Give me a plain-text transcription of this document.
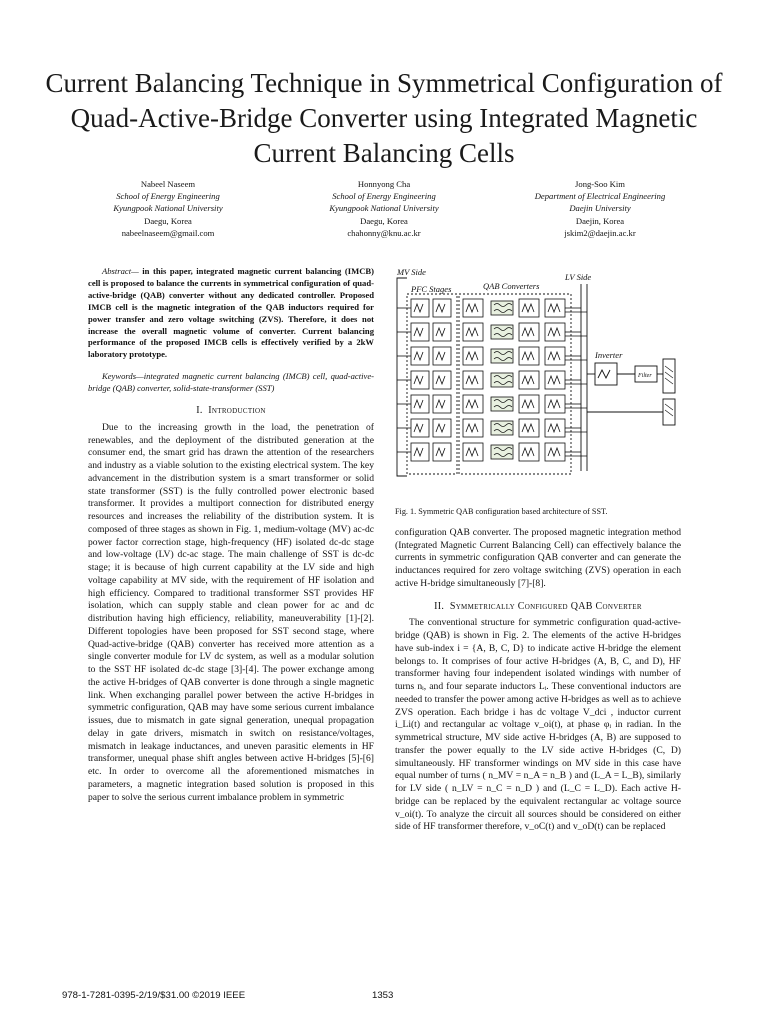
Current Balancing Technique in Symmetrical Configuration of Quad-Active-Bridge Converter using Integrated Magnetic Current Balancing Cells
Nabeel Naseem
School of Energy Engineering
Kyungpook National University
Daegu, Korea
nabeelnaseem@gmail.com
Honnyong Cha
School of Energy Engineering
Kyungpook National University
Daegu, Korea
chahonny@knu.ac.kr
Jong-Soo Kim
Department of Electrical Engineering
Daejin University
Daejin, Korea
jskim2@daejin.ac.kr

Abstract— in this paper, integrated magnetic current balancing (IMCB) cell is proposed to balance the currents in symmetrical configuration of quad-active-bridge (QAB) converter without any dedicated controller. Proposed IMCB cell is the magnetic integration of the QAB inductors required for power transfer and zero voltage switching (ZVS). Therefore, it does not increase the overall magnetic volume of converter. Current balancing performance of the proposed IMCB cells is effectively verified by a 2kW laboratory prototype.

Keywords—integrated magnetic current balancing (IMCB) cell, quad-active-bridge (QAB) converter, solid-state-transformer (SST)

I. Introduction

Due to the increasing growth in the load, the penetration of renewables, and the deployment of the distributed generation at the consumer end, the smart grid has drawn the attention of the researchers and industry as a viable solution to the existing electrical system. The key advancement in the distribution system is a smart transformer or solid state transformer (SST) is the fully controlled power electronic based transformer. It provides a multiport connection for distributed energy resources and increases the reliability of the distribution system. It is composed of three stages as shown in Fig. 1, medium-voltage (MV) ac-dc power factor correction stage, high-frequency (HF) isolated dc-dc stage and low-voltage (LV) dc-ac stage. The main challenge of SST is dc-dc stage; it is because of high current capability at the LV side and high voltage capability at MV side, with the requirement of HF isolation and high efficiency. Compared to traditional transformer SST provides HF isolation, which can supply stable and clean power for ac and dc distribution having high efficiency, reliability, maneuverability [1]-[2]. Different topologies have been proposed for SST second stage, where Quad-active-bridge (QAB) converter has received more attention as a single converter module for LV dc system, as well as a modular solution to the SST HF isolated dc-dc stage [3]-[4]. The power exchange among the active H-bridges of QAB converter is done through a single magnetic link. When exchanging parallel power between the active H-bridges in symmetric configuration, QAB may have some serious current imbalance issues, due to mismatch in gate signal generation, unequal propagation delay in gate drivers, mismatch in switch on resistance/voltages, mismatch in leakage inductances, and uneven parasitic elements in HF transformer, unequal phase shift angles between active H-bridges [5]-[6] etc. In order to overcome all the aforementioned mismatches in parameters, a magnetic integration based solution is proposed in this paper to solve the serious current imbalance problem in symmetric

MV Side	LV Side
PFC Stages	QAB Converters
Inverter
Filter
Fig. 1. Symmetric QAB configuration based architecture of SST.

configuration QAB converter. The proposed magnetic integration method (Integrated Magnetic Current Balancing Cell) can effectively balance the currents in symmetric configuration QAB converter and can generate the inductances required for zero voltage switching (ZVS) operation in each active H-bridge simultaneously [7]-[8].

II. Symmetrically Configured QAB Converter

The conventional structure for symmetric configuration quad-active-bridge (QAB) is shown in Fig. 2. The elements of the active H-bridges have sub-index i = {A, B, C, D} to indicate active H-bridge the element belongs to. It comprises of four active H-bridges (A, B, C, and D), HF transformer having four independent isolated windings with number of turns nᵢ, and four separate inductors Lᵢ. These conventional inductors are needed to transfer the power among active H-bridges as well as to achieve ZVS operation. Each bridge i has dc voltage V_dci , inductor current i_Li(t) and rectangular ac voltage v_oi(t), at phase φᵢ in radian. In the symmetrical structure, MV side active H-bridges (A, B) are supposed to transfer the power equally to the LV side active H-bridges (C, D) simultaneously. HF transformer windings on MV side in this case have equal number of turns ( n_MV = n_A = n_B ) and (L_A = L_B), similarly for LV side ( n_LV = n_C = n_D ) and (L_C = L_D). Each active H-bridge can be replaced by the equivalent rectangular ac voltage source v_oi(t). To analyze the circuit all sources should be considered on either side of HF transformer therefore, v_oC(t) and v_oD(t) can be replaced

978-1-7281-0395-2/19/$31.00 ©2019 IEEE	1353
